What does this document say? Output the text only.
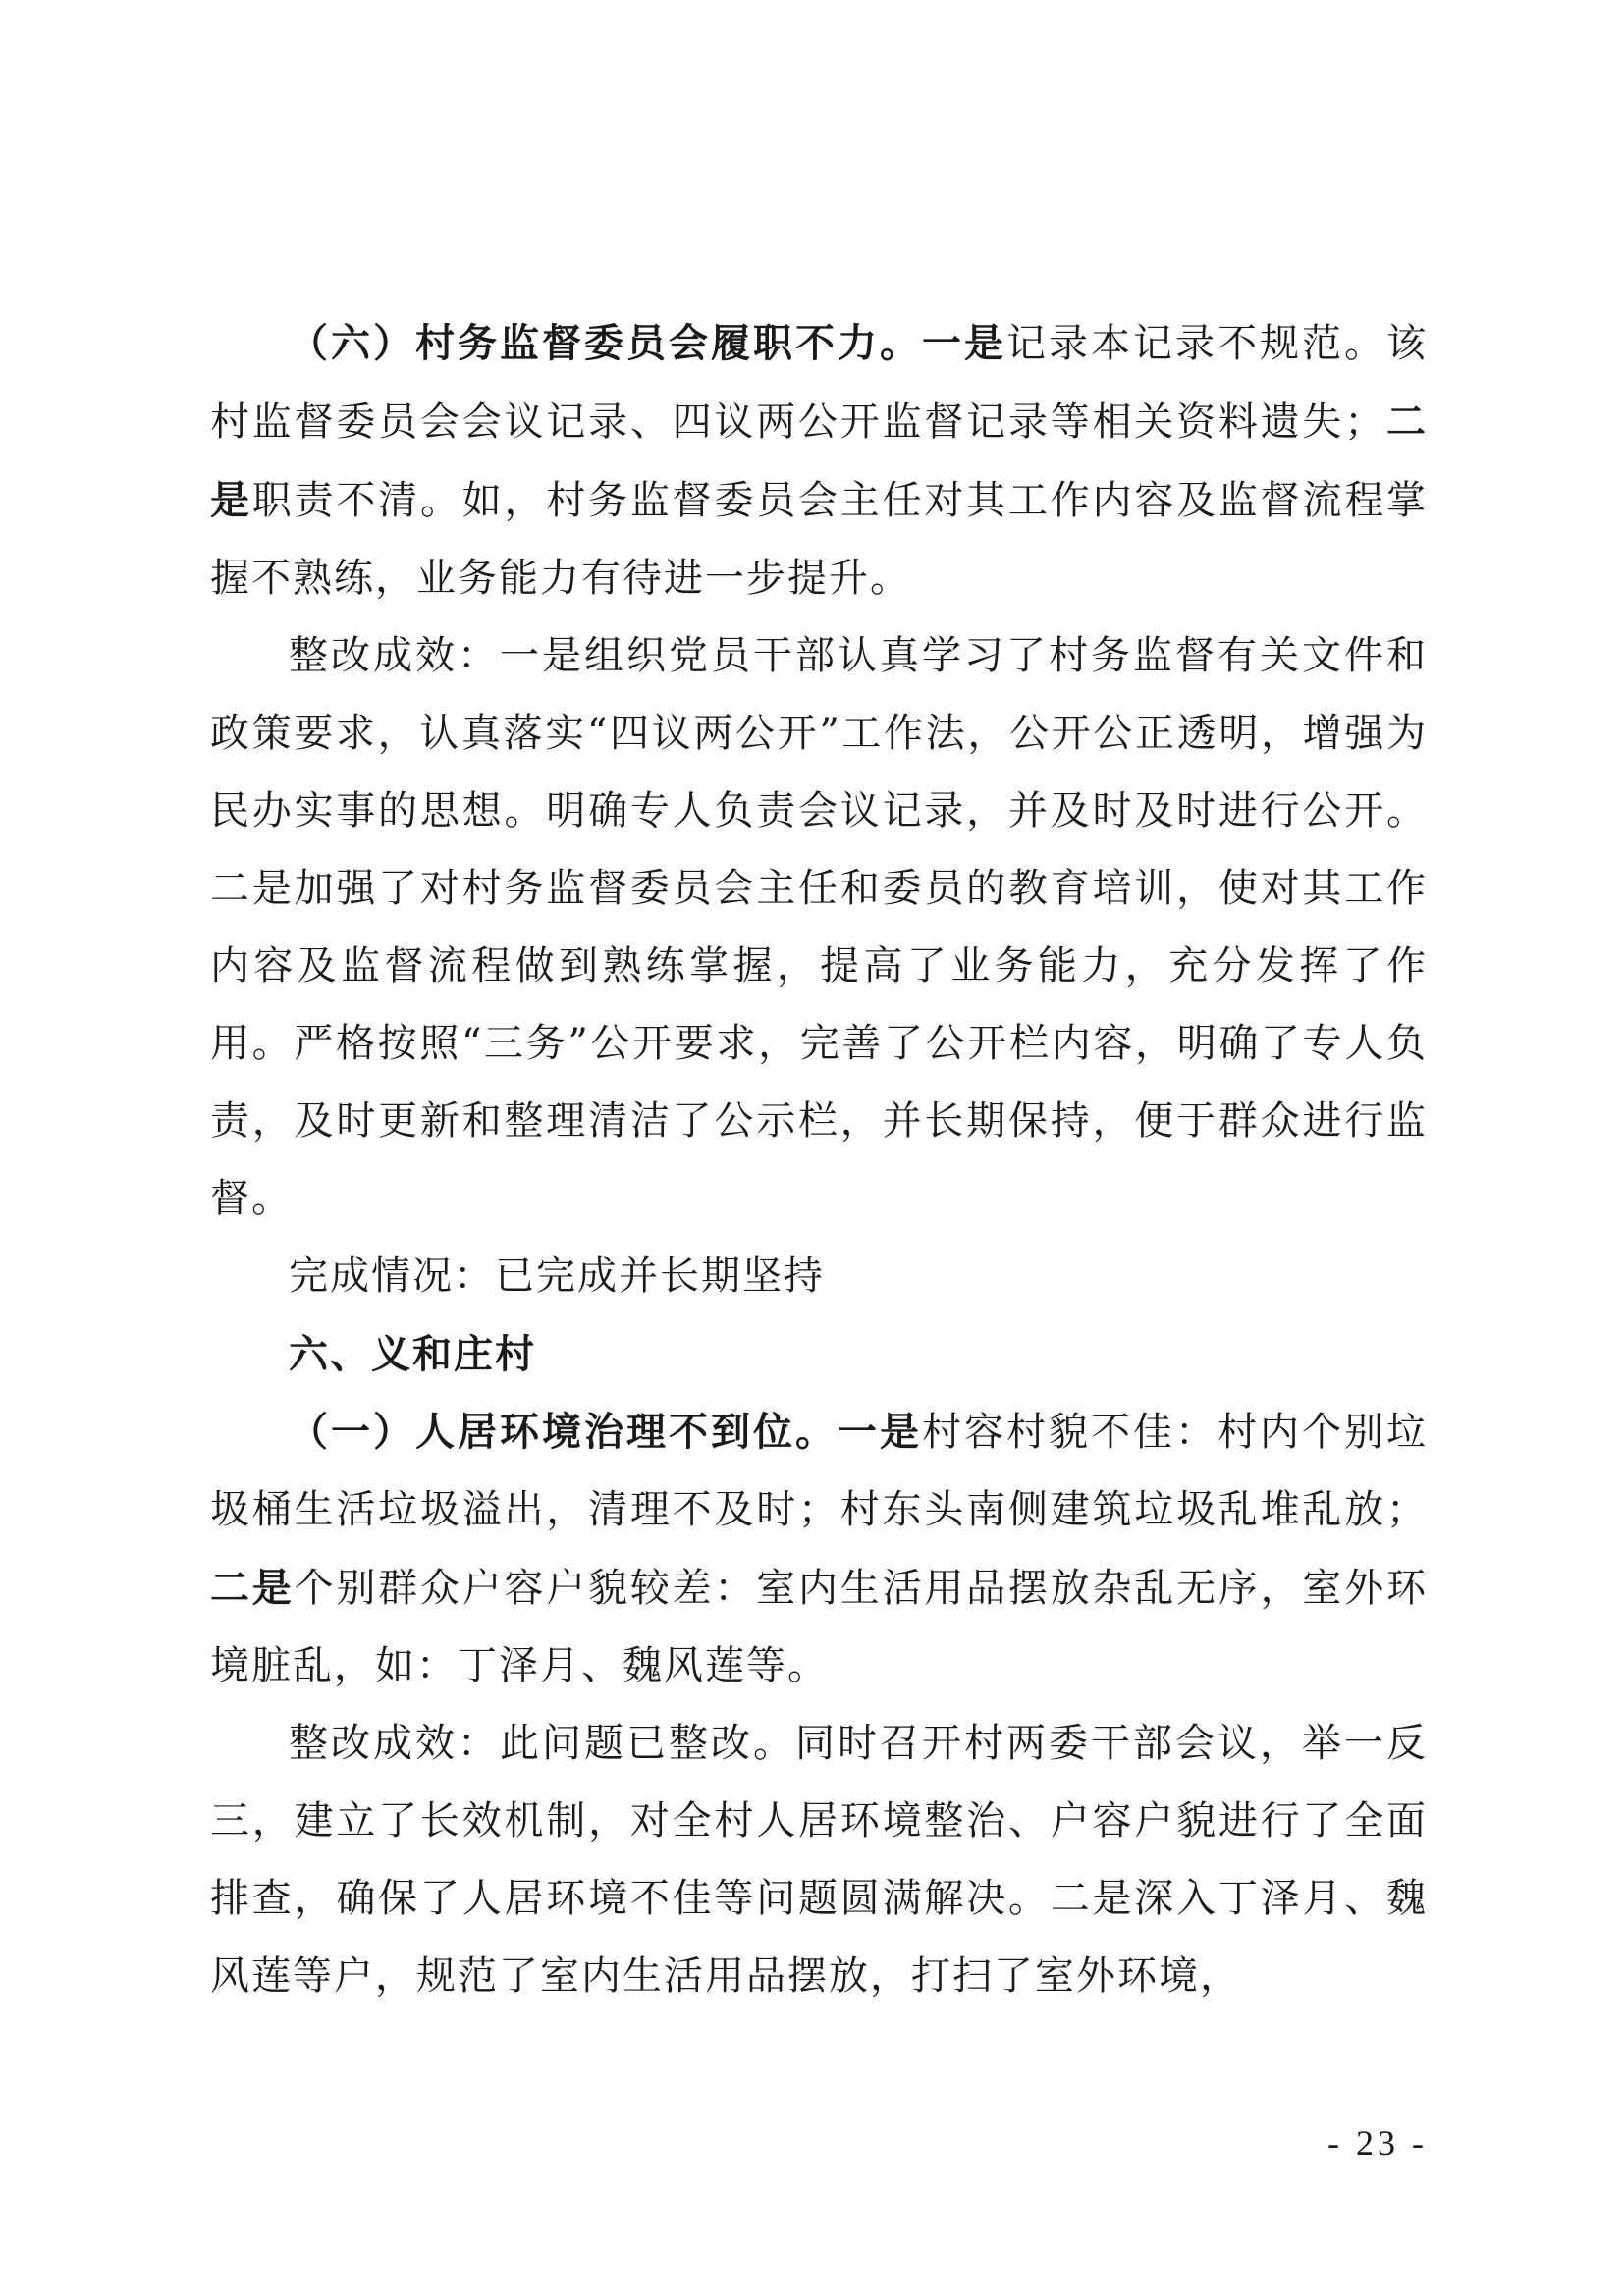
（六）村务监督委员会履职不力。一是记录本记录不规范。该村监督委员会会议记录、四议两公开监督记录等相关资料遗失；二是职责不清。如，村务监督委员会主任对其工作内容及监督流程掌握不熟练，业务能力有待进一步提升。

整改成效：一是组织党员干部认真学习了村务监督有关文件和政策要求，认真落实“四议两公开”工作法，公开公正透明，增强为民办实事的思想。明确专人负责会议记录，并及时及时进行公开。二是加强了对村务监督委员会主任和委员的教育培训，使对其工作内容及监督流程做到熟练掌握，提高了业务能力，充分发挥了作用。严格按照“三务”公开要求，完善了公开栏内容，明确了专人负责，及时更新和整理清洁了公示栏，并长期保持，便于群众进行监督。

完成情况：已完成并长期坚持

六、义和庄村

（一）人居环境治理不到位。一是村容村貌不佳：村内个别垃圾桶生活垃圾溢出，清理不及时；村东头南侧建筑垃圾乱堆乱放；二是个别群众户容户貌较差：室内生活用品摆放杂乱无序，室外环境脏乱，如：丁泽月、魏风莲等。

整改成效：此问题已整改。同时召开村两委干部会议，举一反三，建立了长效机制，对全村人居环境整治、户容户貌进行了全面排查，确保了人居环境不佳等问题圆满解决。二是深入丁泽月、魏风莲等户，规范了室内生活用品摆放，打扫了室外环境，

- 23 -
